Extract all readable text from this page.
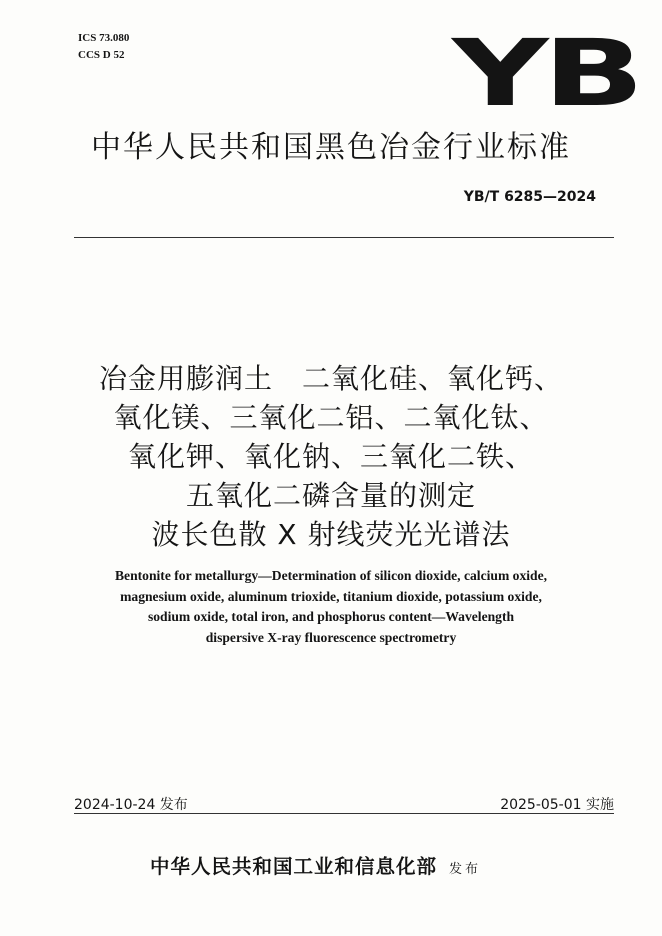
ICS 73.080
CCS D 52	YB
中华人民共和国黑色冶金行业标准
YB/T 6285—2024
冶金用膨润土　二氧化硅、氧化钙、
氧化镁、三氧化二铝、二氧化钛、
氧化钾、氧化钠、三氧化二铁、
五氧化二磷含量的测定
波长色散 X 射线荧光光谱法
Bentonite for metallurgy—Determination of silicon dioxide, calcium oxide,
magnesium oxide, aluminum trioxide, titanium dioxide, potassium oxide,
sodium oxide, total iron, and phosphorus content—Wavelength
dispersive X-ray fluorescence spectrometry
2024-10-24 发布	2025-05-01 实施
中华人民共和国工业和信息化部 发布
